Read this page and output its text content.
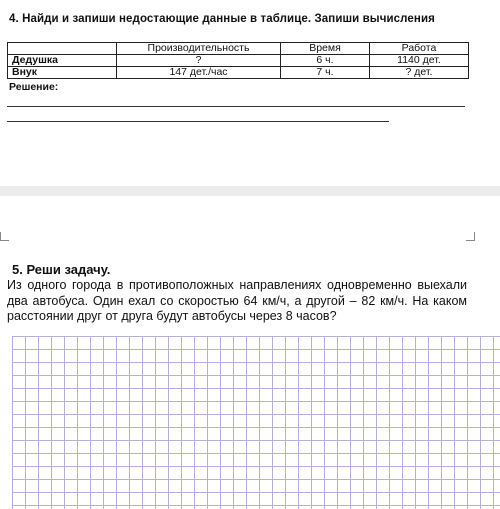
4. Найди и запиши недостающие данные в таблице. Запиши вычисления
	Производительность	Время	Работа
Дедушка	?	6 ч.	1140 дет.
Внук	147 дет./час	7 ч.	? дет.
Решение:
5. Реши задачу.
Из одного города в противоположных направлениях одновременно выехали два автобуса. Один ехал со скоростью 64 км/ч, а другой – 82 км/ч. На каком расстоянии друг от друга будут автобусы через 8 часов?
